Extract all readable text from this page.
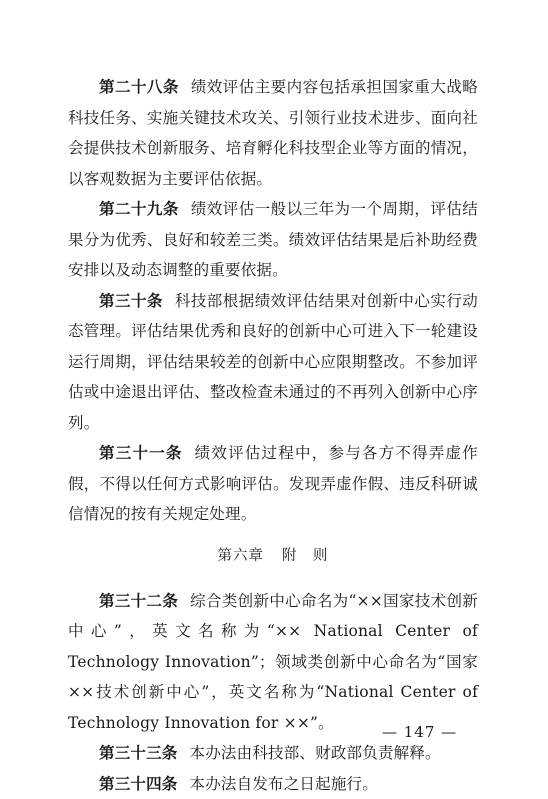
第二十八条 绩效评估主要内容包括承担国家重大战略科技任务、实施关键技术攻关、引领行业技术进步、面向社会提供技术创新服务、培育孵化科技型企业等方面的情况，以客观数据为主要评估依据。

第二十九条 绩效评估一般以三年为一个周期，评估结果分为优秀、良好和较差三类。绩效评估结果是后补助经费安排以及动态调整的重要依据。

第三十条 科技部根据绩效评估结果对创新中心实行动态管理。评估结果优秀和良好的创新中心可进入下一轮建设运行周期，评估结果较差的创新中心应限期整改。不参加评估或中途退出评估、整改检查未通过的不再列入创新中心序列。

第三十一条 绩效评估过程中，参与各方不得弄虚作假，不得以任何方式影响评估。发现弄虚作假、违反科研诚信情况的按有关规定处理。

第六章 附　则

第三十二条 综合类创新中心命名为“××国家技术创新中心”，英文名称为“×× National Center of Technology Innovation”；领域类创新中心命名为“国家××技术创新中心”，英文名称为“National Center of Technology Innovation for ××”。

第三十三条 本办法由科技部、财政部负责解释。

第三十四条 本办法自发布之日起施行。

— 147 —
